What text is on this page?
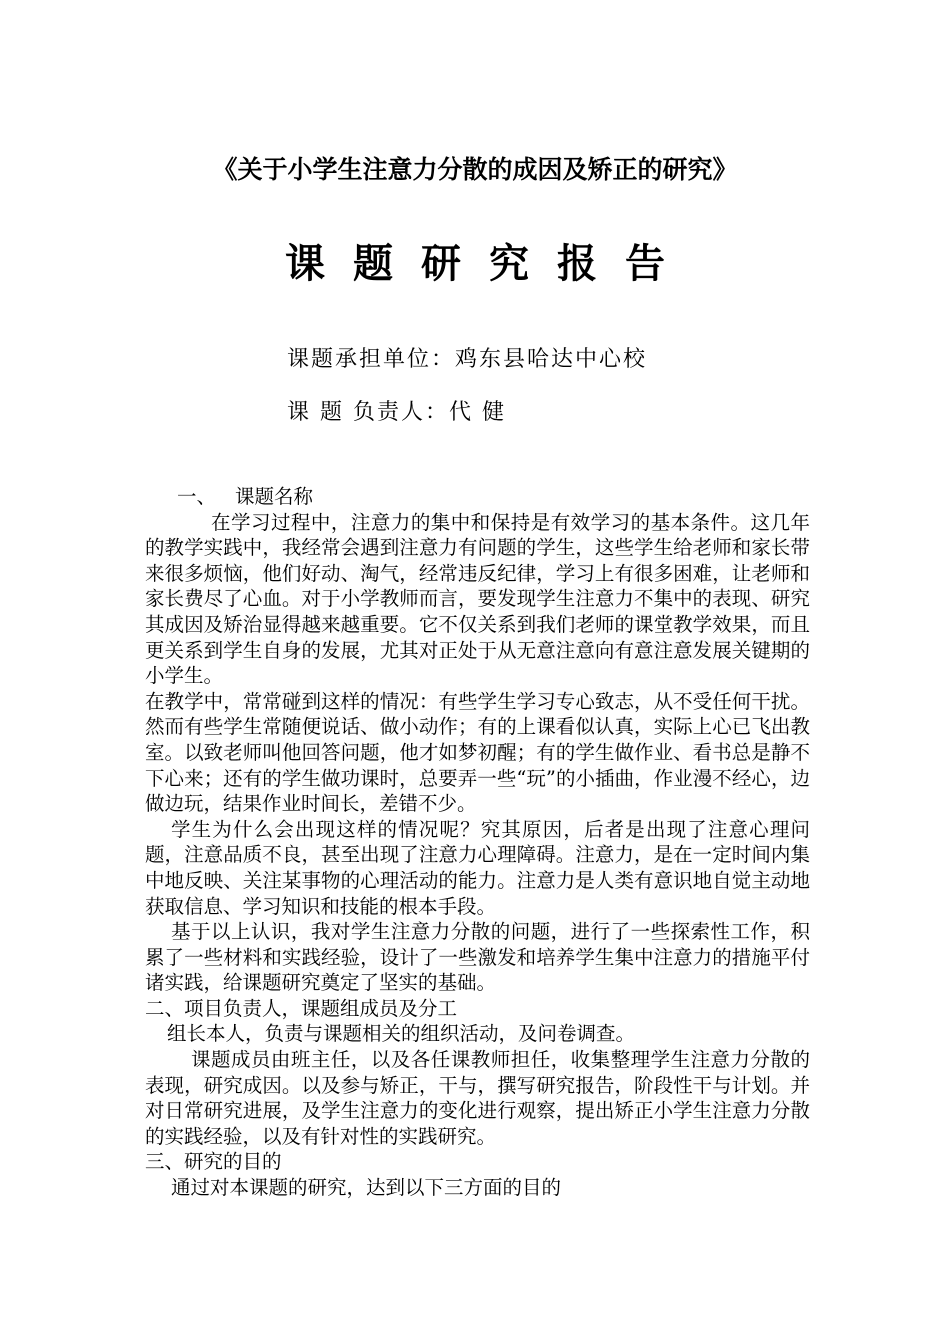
《关于小学生注意力分散的成因及矫正的研究》
课题研究报告
课题承担单位：鸡东县哈达中心校
课 题 负责人：代 健

一、 课题名称

在学习过程中，注意力的集中和保持是有效学习的基本条件。这几年的教学实践中，我经常会遇到注意力有问题的学生，这些学生给老师和家长带来很多烦恼，他们好动、淘气，经常违反纪律，学习上有很多困难，让老师和家长费尽了心血。对于小学教师而言，要发现学生注意力不集中的表现、研究其成因及矫治显得越来越重要。它不仅关系到我们老师的课堂教学效果，而且更关系到学生自身的发展，尤其对正处于从无意注意向有意注意发展关键期的小学生。

在教学中，常常碰到这样的情况：有些学生学习专心致志，从不受任何干扰。然而有些学生常随便说话、做小动作；有的上课看似认真，实际上心已飞出教室。以致老师叫他回答问题，他才如梦初醒；有的学生做作业、看书总是静不下心来；还有的学生做功课时，总要弄一些“玩”的小插曲，作业漫不经心，边做边玩，结果作业时间长，差错不少。

学生为什么会出现这样的情况呢？究其原因，后者是出现了注意心理问题，注意品质不良，甚至出现了注意力心理障碍。注意力，是在一定时间内集中地反映、关注某事物的心理活动的能力。注意力是人类有意识地自觉主动地获取信息、学习知识和技能的根本手段。

基于以上认识，我对学生注意力分散的问题，进行了一些探索性工作，积累了一些材料和实践经验，设计了一些激发和培养学生集中注意力的措施平付诸实践，给课题研究奠定了坚实的基础。

二、项目负责人，课题组成员及分工

组长本人，负责与课题相关的组织活动，及问卷调查。

课题成员由班主任，以及各任课教师担任，收集整理学生注意力分散的表现，研究成因。以及参与矫正，干与，撰写研究报告，阶段性干与计划。并对日常研究进展，及学生注意力的变化进行观察，提出矫正小学生注意力分散的实践经验，以及有针对性的实践研究。

三、研究的目的

通过对本课题的研究，达到以下三方面的目的
